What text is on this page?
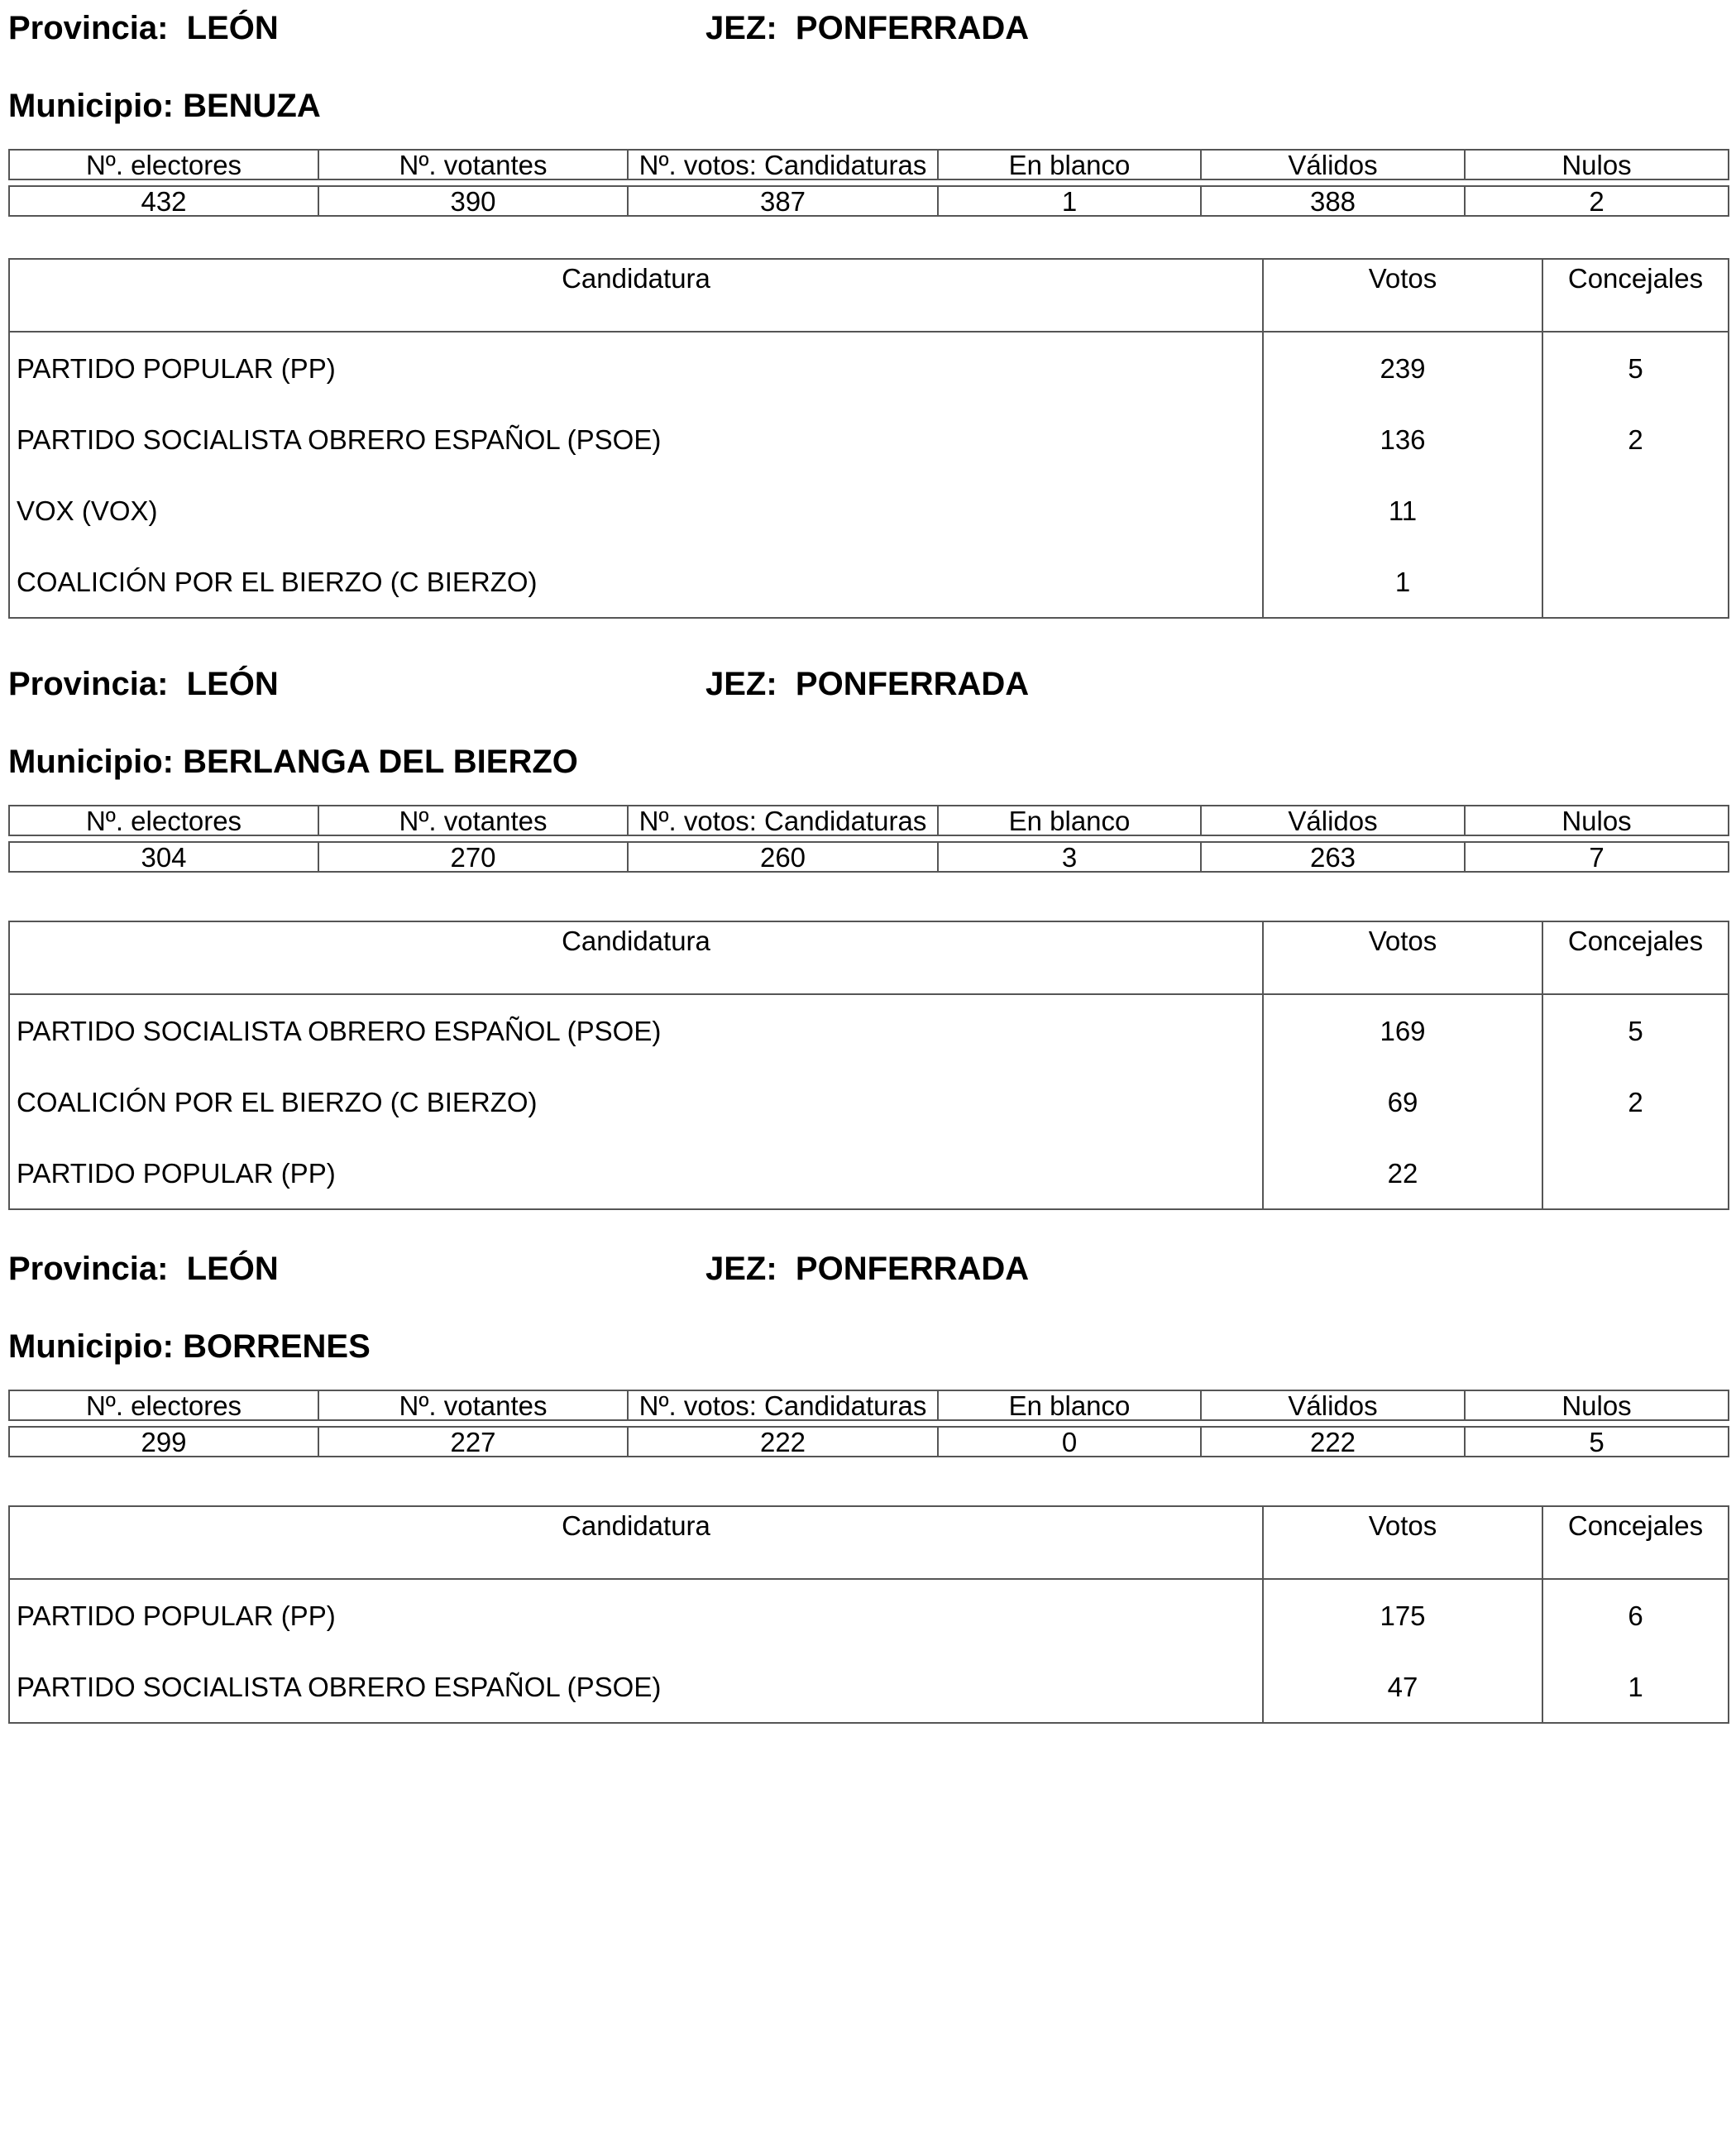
Provincia: LEÓN	JEZ: PONFERRADA
Municipio: BENUZA
Nº. electores	Nº. votantes	Nº. votos: Candidaturas	En blanco	Válidos	Nulos

432	390	387	1	388	2
Candidatura	Votos	Concejales
PARTIDO POPULAR (PP)	239	5
PARTIDO SOCIALISTA OBRERO ESPAÑOL (PSOE)	136	2
VOX (VOX)	11	
COALICIÓN POR EL BIERZO (C BIERZO)	1	
Provincia: LEÓN	JEZ: PONFERRADA
Municipio: BERLANGA DEL BIERZO
Nº. electores	Nº. votantes	Nº. votos: Candidaturas	En blanco	Válidos	Nulos

304	270	260	3	263	7
Candidatura	Votos	Concejales
PARTIDO SOCIALISTA OBRERO ESPAÑOL (PSOE)	169	5
COALICIÓN POR EL BIERZO (C BIERZO)	69	2
PARTIDO POPULAR (PP)	22	
Provincia: LEÓN	JEZ: PONFERRADA
Municipio: BORRENES
Nº. electores	Nº. votantes	Nº. votos: Candidaturas	En blanco	Válidos	Nulos

299	227	222	0	222	5
Candidatura	Votos	Concejales
PARTIDO POPULAR (PP)	175	6
PARTIDO SOCIALISTA OBRERO ESPAÑOL (PSOE)	47	1
